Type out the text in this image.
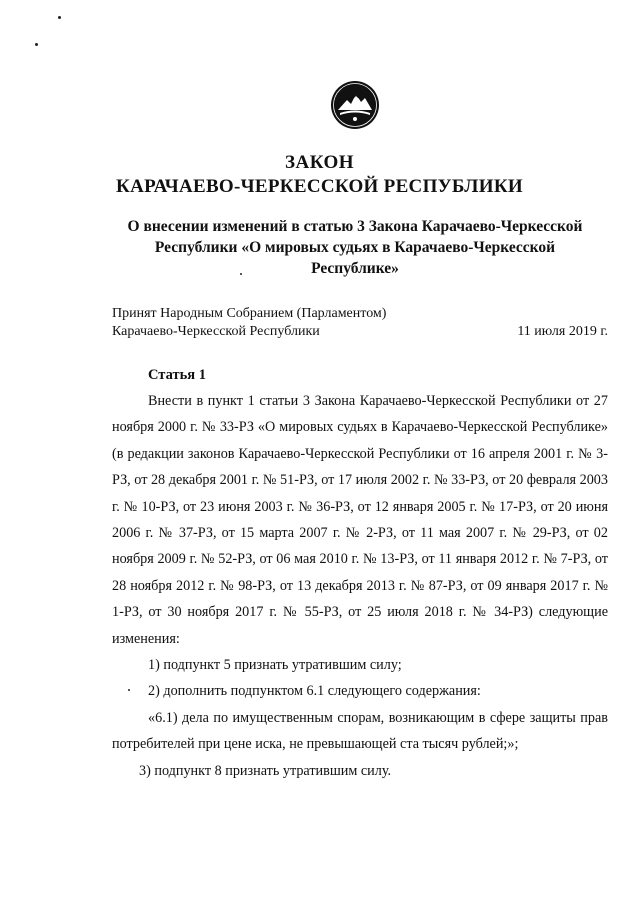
ЗАКОН
КАРАЧАЕВО-ЧЕРКЕССКОЙ РЕСПУБЛИКИ
О внесении изменений в статью 3 Закона Карачаево-Черкесской Республики «О мировых судьях в Карачаево-Черкесской Республике»
Принят Народным Собранием (Парламентом)
Карачаево-Черкесской Республики	11 июля 2019 г.
Статья 1

Внести в пункт 1 статьи 3 Закона Карачаево-Черкесской Республики от 27 ноября 2000 г. № 33-РЗ «О мировых судьях в Карачаево-Черкесской Республике» (в редакции законов Карачаево-Черкесской Республики от 16 апреля 2001 г. № 3-РЗ, от 28 декабря 2001 г. № 51-РЗ, от 17 июля 2002 г. № 33-РЗ, от 20 февраля 2003 г. № 10-РЗ, от 23 июня 2003 г. № 36-РЗ, от 12 января 2005 г. № 17-РЗ, от 20 июня 2006 г. № 37-РЗ, от 15 марта 2007 г. № 2-РЗ, от 11 мая 2007 г. № 29-РЗ, от 02 ноября 2009 г. № 52-РЗ, от 06 мая 2010 г. № 13-РЗ, от 11 января 2012 г. № 7-РЗ, от 28 ноября 2012 г. № 98-РЗ, от 13 декабря 2013 г. № 87-РЗ, от 09 января 2017 г. № 1-РЗ, от 30 ноября 2017 г. № 55-РЗ, от 25 июля 2018 г. № 34-РЗ) следующие изменения:

1) подпункт 5 признать утратившим силу;

2) дополнить подпунктом 6.1 следующего содержания:

«6.1) дела по имущественным спорам, возникающим в сфере защиты прав потребителей при цене иска, не превышающей ста тысяч рублей;»;

3) подпункт 8 признать утратившим силу.
